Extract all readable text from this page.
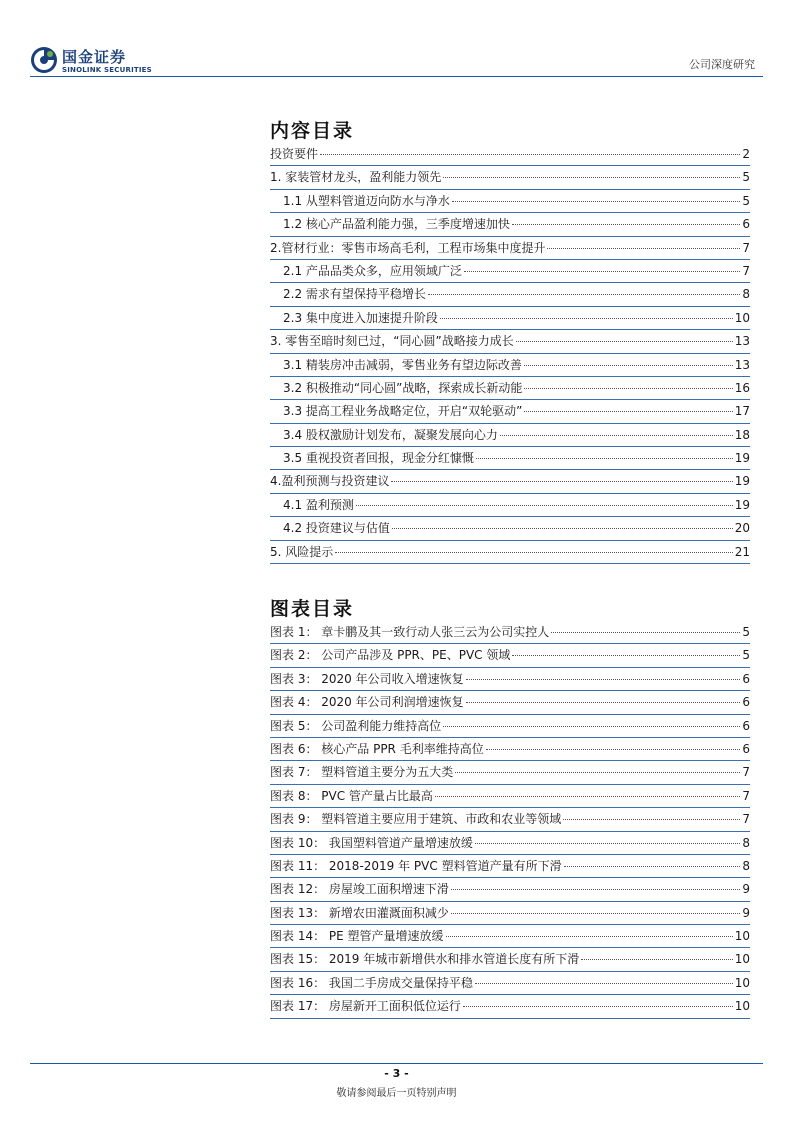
国金证券
SINOLINK SECURITIES	公司深度研究
内容目录
投资要件	2
1. 家装管材龙头，盈利能力领先	5
1.1 从塑料管道迈向防水与净水	5
1.2 核心产品盈利能力强，三季度增速加快	6
2.管材行业：零售市场高毛利，工程市场集中度提升	7
2.1 产品品类众多，应用领域广泛	7
2.2 需求有望保持平稳增长	8
2.3 集中度进入加速提升阶段	10
3. 零售至暗时刻已过，“同心圆”战略接力成长	13
3.1 精装房冲击减弱，零售业务有望边际改善	13
3.2 积极推动“同心圆”战略，探索成长新动能	16
3.3 提高工程业务战略定位，开启“双轮驱动”	17
3.4 股权激励计划发布，凝聚发展向心力	18
3.5 重视投资者回报，现金分红慷慨	19
4.盈利预测与投资建议	19
4.1 盈利预测	19
4.2 投资建议与估值	20
5. 风险提示	21
图表目录
图表 1： 章卡鹏及其一致行动人张三云为公司实控人	5
图表 2： 公司产品涉及 PPR、PE、PVC 领域	5
图表 3： 2020 年公司收入增速恢复	6
图表 4： 2020 年公司利润增速恢复	6
图表 5： 公司盈利能力维持高位	6
图表 6： 核心产品 PPR 毛利率维持高位	6
图表 7： 塑料管道主要分为五大类	7
图表 8： PVC 管产量占比最高	7
图表 9： 塑料管道主要应用于建筑、市政和农业等领域	7
图表 10： 我国塑料管道产量增速放缓	8
图表 11： 2018-2019 年 PVC 塑料管道产量有所下滑	8
图表 12： 房屋竣工面积增速下滑	9
图表 13： 新增农田灌溉面积减少	9
图表 14： PE 塑管产量增速放缓	10
图表 15： 2019 年城市新增供水和排水管道长度有所下滑	10
图表 16： 我国二手房成交量保持平稳	10
图表 17： 房屋新开工面积低位运行	10
- 3 -
敬请参阅最后一页特别声明
